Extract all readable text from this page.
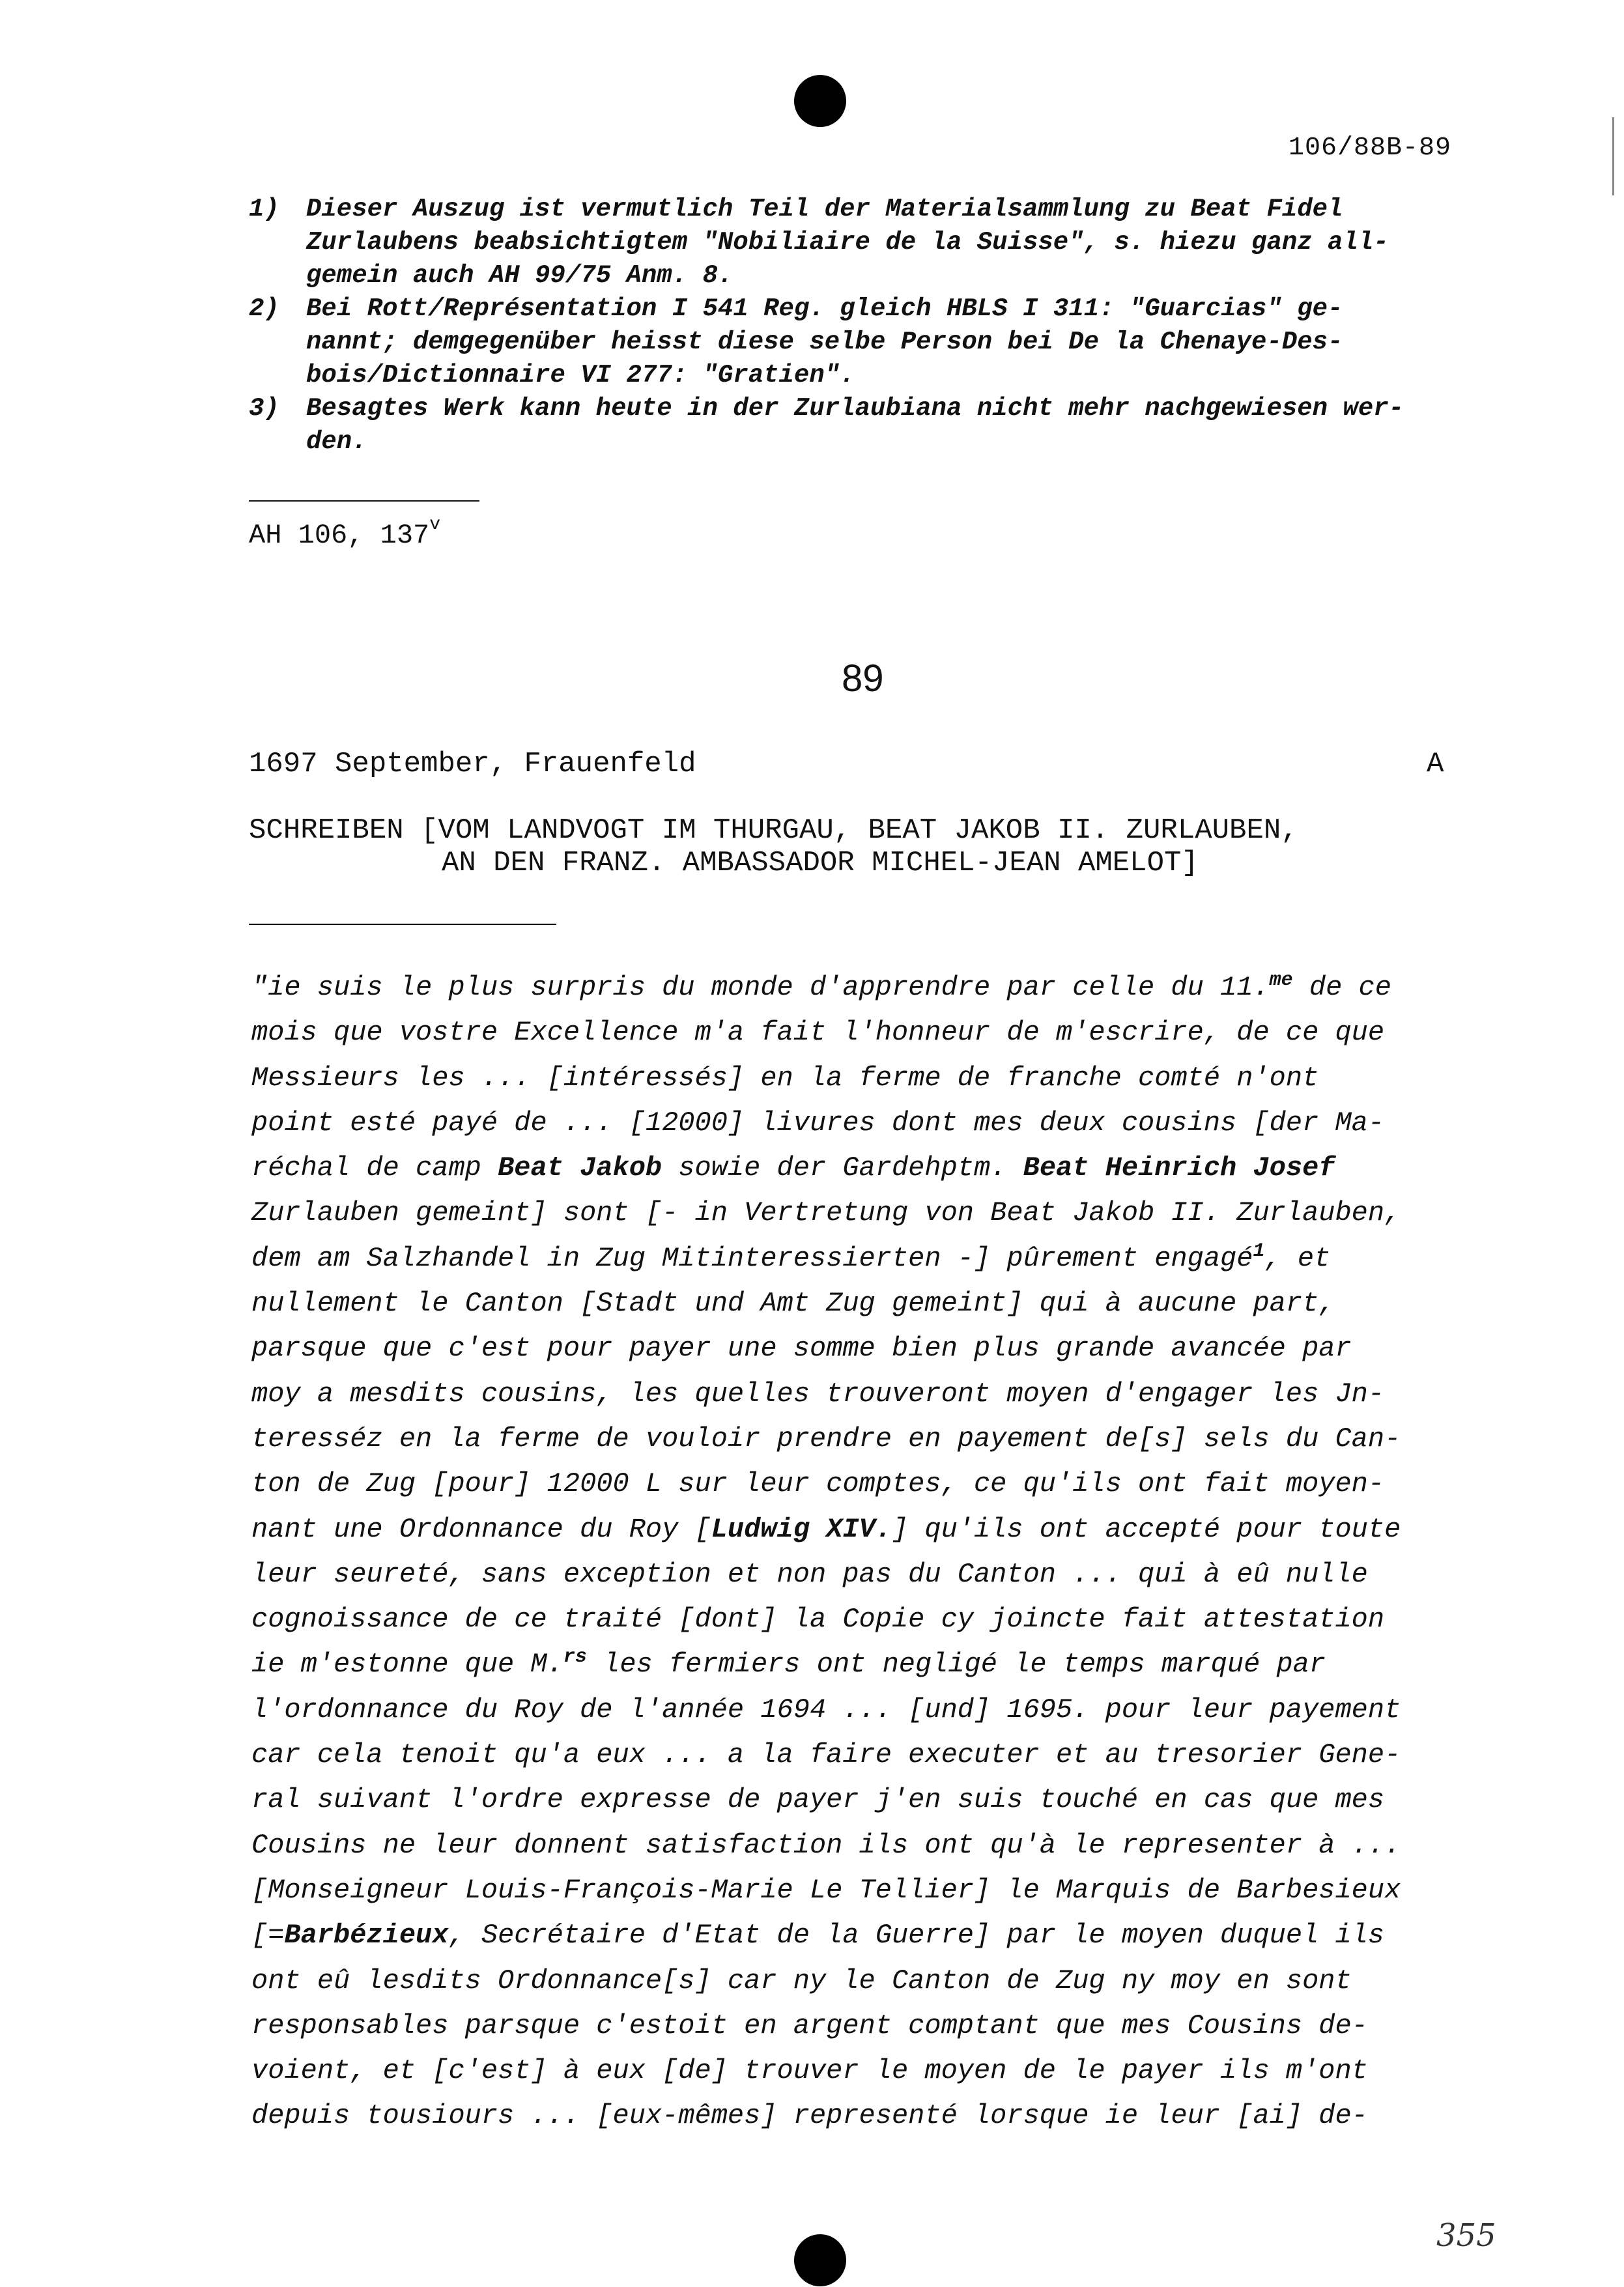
106/88B-89
1) Dieser Auszug ist vermutlich Teil der Materialsammlung zu Beat Fidel
Zurlaubens beabsichtigtem "Nobiliaire de la Suisse", s. hiezu ganz all-
gemein auch AH 99/75 Anm. 8.
2) Bei Rott/Représentation I 541 Reg. gleich HBLS I 311: "Guarcias" ge-
nannt; demgegenüber heisst diese selbe Person bei De la Chenaye-Des-
bois/Dictionnaire VI 277: "Gratien".
3) Besagtes Werk kann heute in der Zurlaubiana nicht mehr nachgewiesen wer-
den.
AH 106, 137$^v$
89
1697 September, Frauenfeld	A
SCHREIBEN [VOM LANDVOGT IM THURGAU, BEAT JAKOB II. ZURLAUBEN,
AN DEN FRANZ. AMBASSADOR MICHEL-JEAN AMELOT]
"ie suis le plus surpris du monde d'apprendre par celle du 11.$^{me}$ de ce
mois que vostre Excellence m'a fait l'honneur de m'escrire, de ce que
Messieurs les ... [intéressés] en la ferme de franche comté n'ont
point esté payé de ... [12000] livures dont mes deux cousins [der Ma-
réchal de camp Beat Jakob sowie der Gardehptm. Beat Heinrich Josef
Zurlauben gemeint] sont [- in Vertretung von Beat Jakob II. Zurlauben,
dem am Salzhandel in Zug Mitinteressierten -] pûrement engagé$^1$, et
nullement le Canton [Stadt und Amt Zug gemeint] qui à aucune part,
parsque que c'est pour payer une somme bien plus grande avancée par
moy a mesdits cousins, les quelles trouveront moyen d'engager les Jn-
teresséz en la ferme de vouloir prendre en payement de[s] sels du Can-
ton de Zug [pour] 12000 L sur leur comptes, ce qu'ils ont fait moyen-
nant une Ordonnance du Roy [Ludwig XIV.] qu'ils ont accepté pour toute
leur seureté, sans exception et non pas du Canton ... qui à eû nulle
cognoissance de ce traité [dont] la Copie cy joincte fait attestation
ie m'estonne que M.$^{rs}$ les fermiers ont negligé le temps marqué par
l'ordonnance du Roy de l'année 1694 ... [und] 1695. pour leur payement
car cela tenoit qu'a eux ... a la faire executer et au tresorier Gene-
ral suivant l'ordre expresse de payer j'en suis touché en cas que mes
Cousins ne leur donnent satisfaction ils ont qu'à le representer à ...
[Monseigneur Louis-François-Marie Le Tellier] le Marquis de Barbesieux
[=Barbézieux, Secrétaire d'Etat de la Guerre] par le moyen duquel ils
ont eû lesdits Ordonnance[s] car ny le Canton de Zug ny moy en sont
responsables parsque c'estoit en argent comptant que mes Cousins de-
voient, et [c'est] à eux [de] trouver le moyen de le payer ils m'ont
depuis tousiours ... [eux-mêmes] representé lorsque ie leur [ai] de-
355
